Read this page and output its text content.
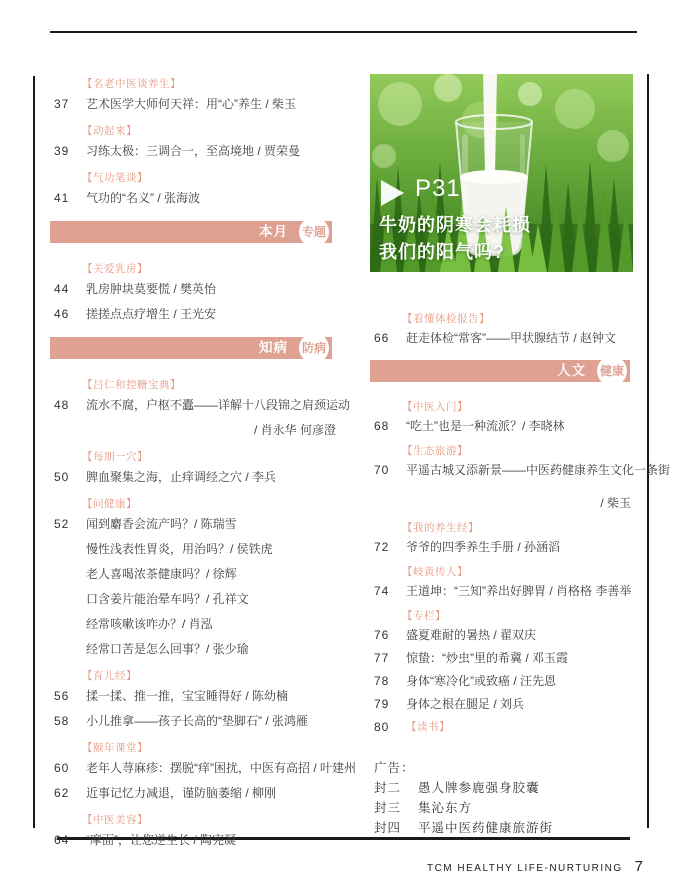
【名老中医谈养生】
37	艺术医学大师何天祥：用“心”养生 / 柴玉
【动起来】
39	习练太极：三调合一，至高境地 / 贾荣曼
【气功笔谈】
41	气功的“名义” / 张海波
本月 专题
【关爱乳房】
44	乳房肿块莫要慌 / 樊英怡
46	搓搓点点疗增生 / 王光安
知病 防病
【吕仁和控糖宝典】
48	流水不腐，户枢不蠹——详解十八段锦之肩颈运动
/ 肖永华 何彦澄
【每期一穴】
50	脾血聚集之海，止痒调经之穴 / 李兵
【问健康】
52	闻到麝香会流产吗？/ 陈瑞雪
慢性浅表性胃炎，用治吗？/ 侯铁虎
老人喜喝浓茶健康吗？/ 徐辉
口含姜片能治晕车吗？/ 孔祥文
经常咳嗽该咋办？/ 肖泓
经常口苦是怎么回事？/ 张少瑜
【育儿经】
56	揉一揉、推一推，宝宝睡得好 / 陈幼楠
58	小儿推拿——孩子长高的“垫脚石” / 张鸿雁
【颐年课堂】
60	老年人荨麻疹：摆脱“痒”困扰，中医有高招 / 叶建州
62	近事记忆力减退，谨防脑萎缩 / 柳刚
【中医美容】
64	“摩面”，让您逆生长 / 陶宪凝
P31
牛奶的阴寒会耗损
我们的阳气吗?
【看懂体检报告】
66	赶走体检“常客”——甲状腺结节 / 赵钟文
人文 健康
【中医入门】
68	“吃土”也是一种流派？/ 李晓林
【生态旅游】
70	平遥古城又添新景——中医药健康养生文化一条街
/ 柴玉
【我的养生经】
72	爷爷的四季养生手册 / 孙涵滔
【岐黄传人】
74	王道坤：“三知”养出好脾胃 / 肖格格 李善举
【专栏】
76	盛夏难耐的暑热 / 翟双庆
77	惊蛰：“炒虫”里的希冀 / 邓玉霞
78	身体“寒冷化”或致癌 / 汪先恩
79	身体之根在腿足 / 刘兵
80	【读书】
广告：
封二	愚人牌参鹿强身胶囊
封三	集沁东方
封四	平遥中医药健康旅游街
TCM HEALTHY LIFE-NURTURING 7
